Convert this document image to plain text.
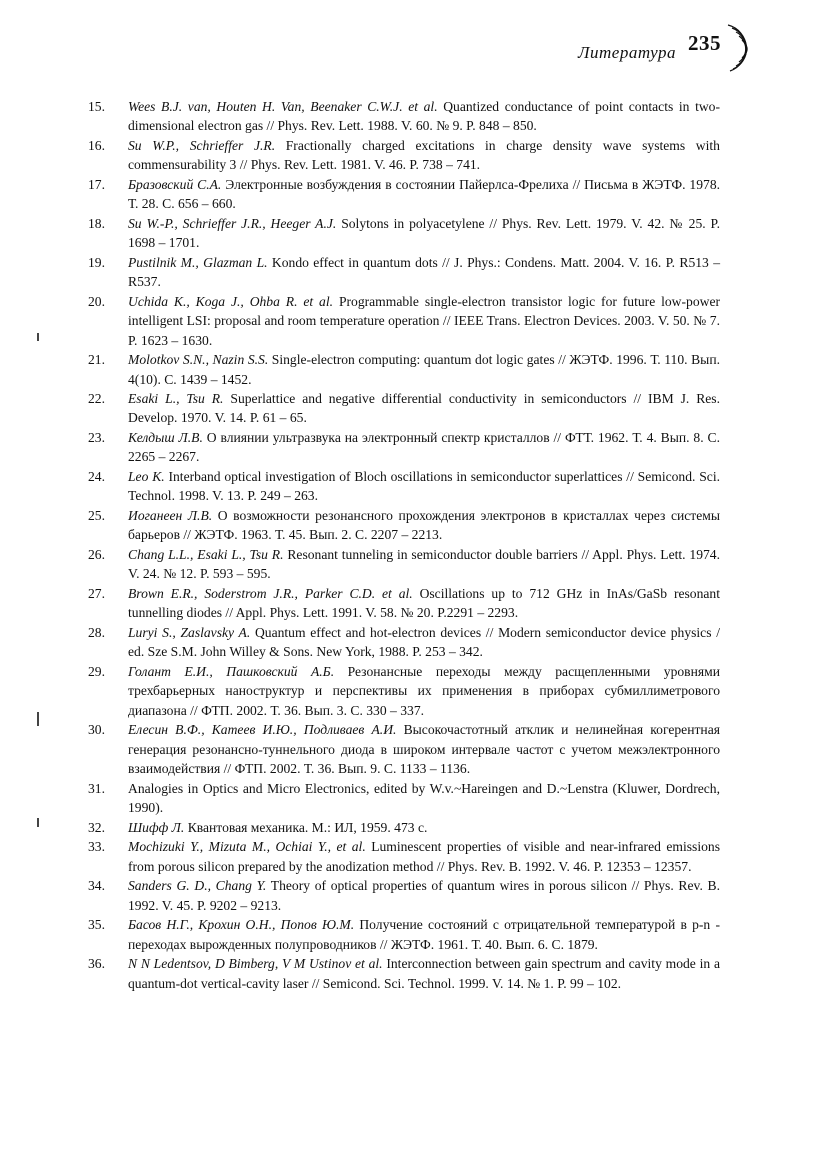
Литература 235
15. Wees B.J. van, Houten H. Van, Beenaker C.W.J. et al. Quantized conductance of point contacts in two-dimensional electron gas // Phys. Rev. Lett. 1988. V. 60. № 9. P. 848 – 850.
16. Su W.P., Schrieffer J.R. Fractionally charged excitations in charge density wave systems with commensurability 3 // Phys. Rev. Lett. 1981. V. 46. P. 738 – 741.
17. Бразовский С.А. Электронные возбуждения в состоянии Пайерлса-Фрелиха // Письма в ЖЭТФ. 1978. Т. 28. С. 656 – 660.
18. Su W.-P., Schrieffer J.R., Heeger A.J. Solytons in polyacetylene // Phys. Rev. Lett. 1979. V. 42. № 25. P. 1698 – 1701.
19. Pustilnik M., Glazman L. Kondo effect in quantum dots // J. Phys.: Condens. Matt. 2004. V. 16. P. R513 – R537.
20. Uchida K., Koga J., Ohba R. et al. Programmable single-electron transistor logic for future low-power intelligent LSI: proposal and room temperature operation // IEEE Trans. Electron Devices. 2003. V. 50. № 7. P. 1623 – 1630.
21. Molotkov S.N., Nazin S.S. Single-electron computing: quantum dot logic gates // ЖЭТФ. 1996. Т. 110. Вып. 4(10). С. 1439 – 1452.
22. Esaki L., Tsu R. Superlattice and negative differential conductivity in semiconductors // IBM J. Res. Develop. 1970. V. 14. P. 61 – 65.
23. Келдыш Л.В. О влиянии ультразвука на электронный спектр кристаллов // ФТТ. 1962. Т. 4. Вып. 8. С. 2265 – 2267.
24. Leo K. Interband optical investigation of Bloch oscillations in semiconductor superlattices // Semicond. Sci. Technol. 1998. V. 13. P. 249 – 263.
25. Иоганеен Л.В. О возможности резонансного прохождения электронов в кристаллах через системы барьеров // ЖЭТФ. 1963. Т. 45. Вып. 2. С. 2207 – 2213.
26. Chang L.L., Esaki L., Tsu R. Resonant tunneling in semiconductor double barriers // Appl. Phys. Lett. 1974. V. 24. № 12. P. 593 – 595.
27. Brown E.R., Soderstrom J.R., Parker C.D. et al. Oscillations up to 712 GHz in InAs/GaSb resonant tunnelling diodes // Appl. Phys. Lett. 1991. V. 58. № 20. P.2291 – 2293.
28. Luryi S., Zaslavsky A. Quantum effect and hot-electron devices // Modern semiconductor device physics / ed. Sze S.M. John Willey & Sons. New York, 1988. P. 253 – 342.
29. Голант Е.И., Пашковский А.Б. Резонансные переходы между расщепленными уровнями трехбарьерных наноструктур и перспективы их применения в приборах субмиллиметрового диапазона // ФТП. 2002. Т. 36. Вып. 3. С. 330 – 337.
30. Елесин В.Ф., Катеев И.Ю., Подливаев А.И. Высокочастотный атклик и нелинейная когерентная генерация резонансно-туннельного диода в широком интервале частот с учетом межэлектронного взаимодействия // ФТП. 2002. Т. 36. Вып. 9. С. 1133 – 1136.
31. Analogies in Optics and Micro Electronics, edited by W.v.~Hareingen and D.~Lenstra (Kluwer, Dordrech, 1990).
32. Шифф Л. Квантовая механика. М.: ИЛ, 1959. 473 с.
33. Mochizuki Y., Mizuta M., Ochiai Y., et al. Luminescent properties of visible and near-infrared emissions from porous silicon prepared by the anodization method // Phys. Rev. B. 1992. V. 46. P. 12353 – 12357.
34. Sanders G. D., Chang Y. Theory of optical properties of quantum wires in porous silicon // Phys. Rev. B. 1992. V. 45. P. 9202 – 9213.
35. Басов Н.Г., Крохин О.Н., Попов Ю.М. Получение состояний с отрицательной температурой в p-n - переходах вырожденных полупроводников // ЖЭТФ. 1961. Т. 40. Вып. 6. С. 1879.
36. N N Ledentsov, D Bimberg, V M Ustinov et al. Interconnection between gain spectrum and cavity mode in a quantum-dot vertical-cavity laser // Semicond. Sci. Technol. 1999. V. 14. № 1. P. 99 – 102.
